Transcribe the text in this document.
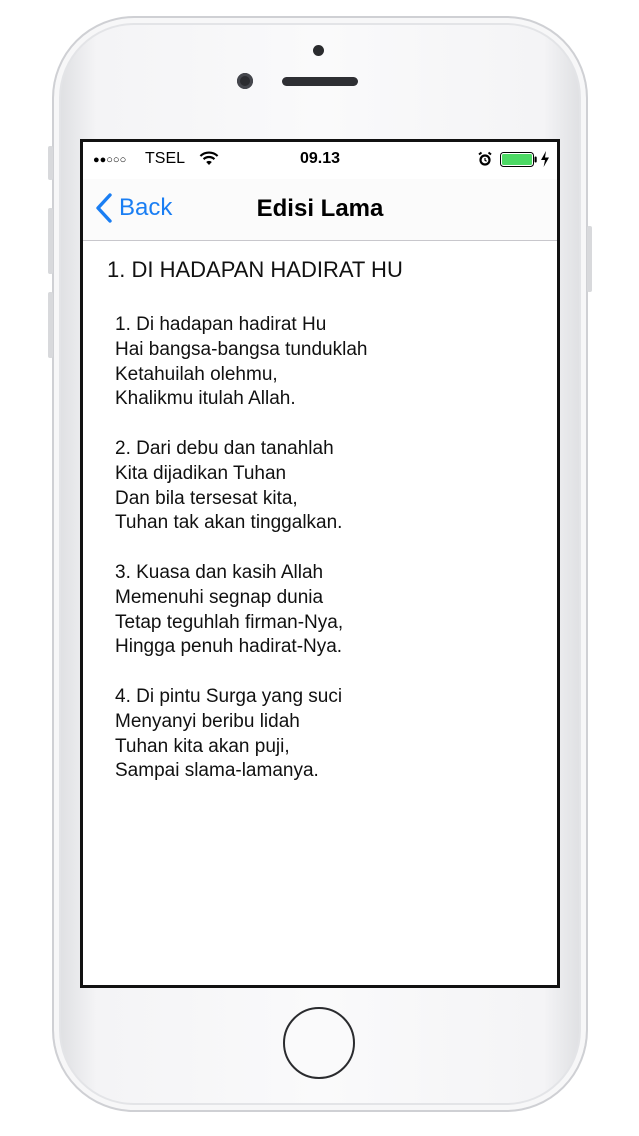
●●○○○ TSEL	09.13
Back	Edisi Lama
1. DI HADAPAN HADIRAT HU
1. Di hadapan hadirat Hu
Hai bangsa-bangsa tunduklah
Ketahuilah olehmu,
Khalikmu itulah Allah.
2. Dari debu dan tanahlah
Kita dijadikan Tuhan
Dan bila tersesat kita,
Tuhan tak akan tinggalkan.
3. Kuasa dan kasih Allah
Memenuhi segnap dunia
Tetap teguhlah firman-Nya,
Hingga penuh hadirat-Nya.
4. Di pintu Surga yang suci
Menyanyi beribu lidah
Tuhan kita akan puji,
Sampai slama-lamanya.
